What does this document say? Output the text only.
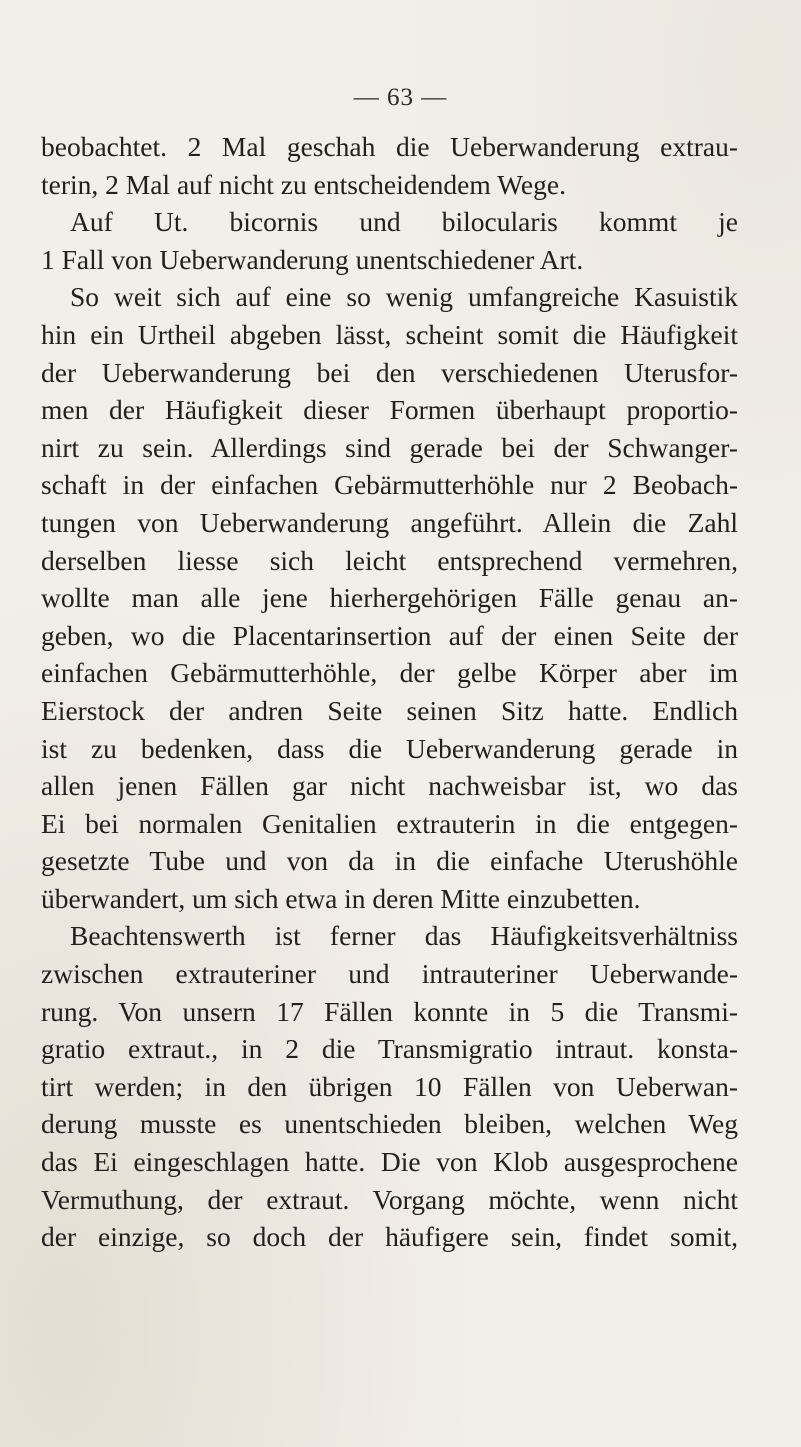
— 63 —
beobachtet. 2 Mal geschah die Ueberwanderung extrau-
terin, 2 Mal auf nicht zu entscheidendem Wege.
Auf Ut. bicornis und bilocularis kommt je
1 Fall von Ueberwanderung unentschiedener Art.
So weit sich auf eine so wenig umfangreiche Kasuistik
hin ein Urtheil abgeben lässt, scheint somit die Häufigkeit
der Ueberwanderung bei den verschiedenen Uterusfor-
men der Häufigkeit dieser Formen überhaupt proportio-
nirt zu sein. Allerdings sind gerade bei der Schwanger-
schaft in der einfachen Gebärmutterhöhle nur 2 Beobach-
tungen von Ueberwanderung angeführt. Allein die Zahl
derselben liesse sich leicht entsprechend vermehren,
wollte man alle jene hierhergehörigen Fälle genau an-
geben, wo die Placentarinsertion auf der einen Seite der
einfachen Gebärmutterhöhle, der gelbe Körper aber im
Eierstock der andren Seite seinen Sitz hatte. Endlich
ist zu bedenken, dass die Ueberwanderung gerade in
allen jenen Fällen gar nicht nachweisbar ist, wo das
Ei bei normalen Genitalien extrauterin in die entgegen-
gesetzte Tube und von da in die einfache Uterushöhle
überwandert, um sich etwa in deren Mitte einzubetten.
Beachtenswerth ist ferner das Häufigkeitsverhältniss
zwischen extrauteriner und intrauteriner Ueberwande-
rung. Von unsern 17 Fällen konnte in 5 die Transmi-
gratio extraut., in 2 die Transmigratio intraut. konsta-
tirt werden; in den übrigen 10 Fällen von Ueberwan-
derung musste es unentschieden bleiben, welchen Weg
das Ei eingeschlagen hatte. Die von Klob ausgesprochene
Vermuthung, der extraut. Vorgang möchte, wenn nicht
der einzige, so doch der häufigere sein, findet somit,
